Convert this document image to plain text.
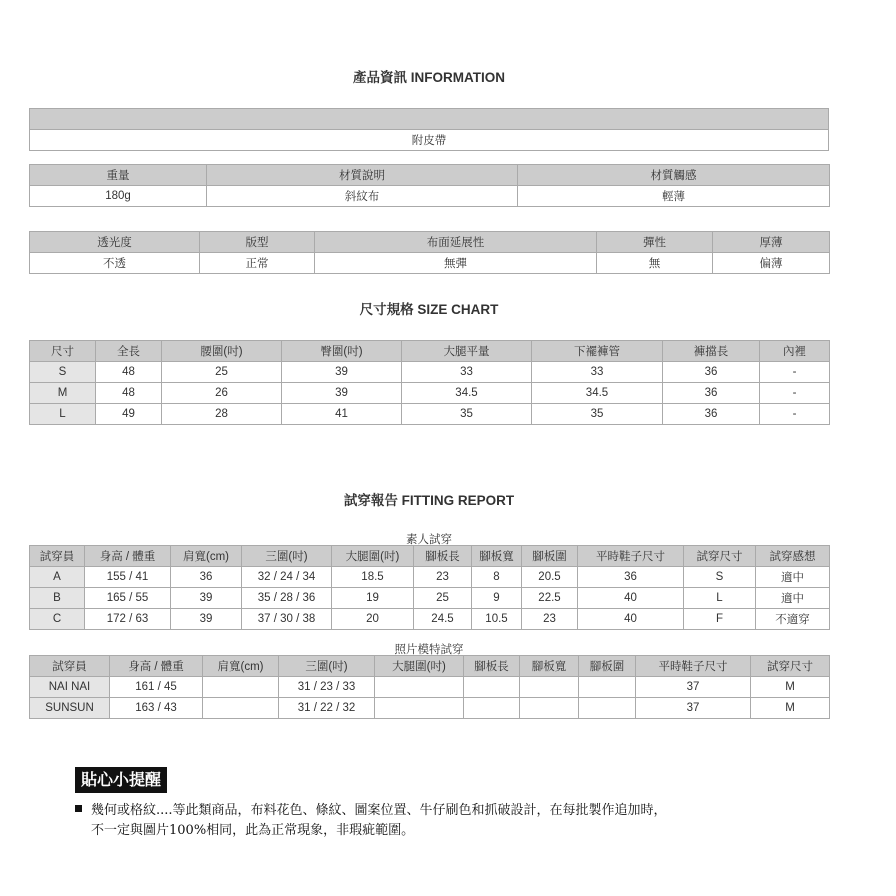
產品資訊 INFORMATION

附皮帶
重量	材質說明	材質觸感
180g	斜紋布	輕薄
透光度	版型	布面延展性	彈性	厚薄
不透	正常	無彈	無	偏薄
尺寸規格 SIZE CHART
尺寸	全長	腰圍(吋)	臀圍(吋)	大腿平量	下襬褲管	褲擋長	內裡
S	48	25	39	33	33	36	-
M	48	26	39	34.5	34.5	36	-
L	49	28	41	35	35	36	-
試穿報告 FITTING REPORT
素人試穿
試穿員	身高 / 體重	肩寬(cm)	三圍(吋)	大腿圍(吋)	腳板長	腳板寬	腳板圍	平時鞋子尺寸	試穿尺寸	試穿感想
A	155 / 41	36	32 / 24 / 34	18.5	23	8	20.5	36	S	適中
B	165 / 55	39	35 / 28 / 36	19	25	9	22.5	40	L	適中
C	172 / 63	39	37 / 30 / 38	20	24.5	10.5	23	40	F	不適穿
照片模特試穿
試穿員	身高 / 體重	肩寬(cm)	三圍(吋)	大腿圍(吋)	腳板長	腳板寬	腳板圍	平時鞋子尺寸	試穿尺寸
NAI NAI	161 / 45		31 / 23 / 33					37	M
SUNSUN	163 / 43		31 / 22 / 32					37	M
貼心小提醒
幾何或格紋....等此類商品，布料花色、條紋、圖案位置、牛仔刷色和抓破設計，在每批製作追加時，
不一定與圖片100%相同，此為正常現象，非瑕疵範圍。
